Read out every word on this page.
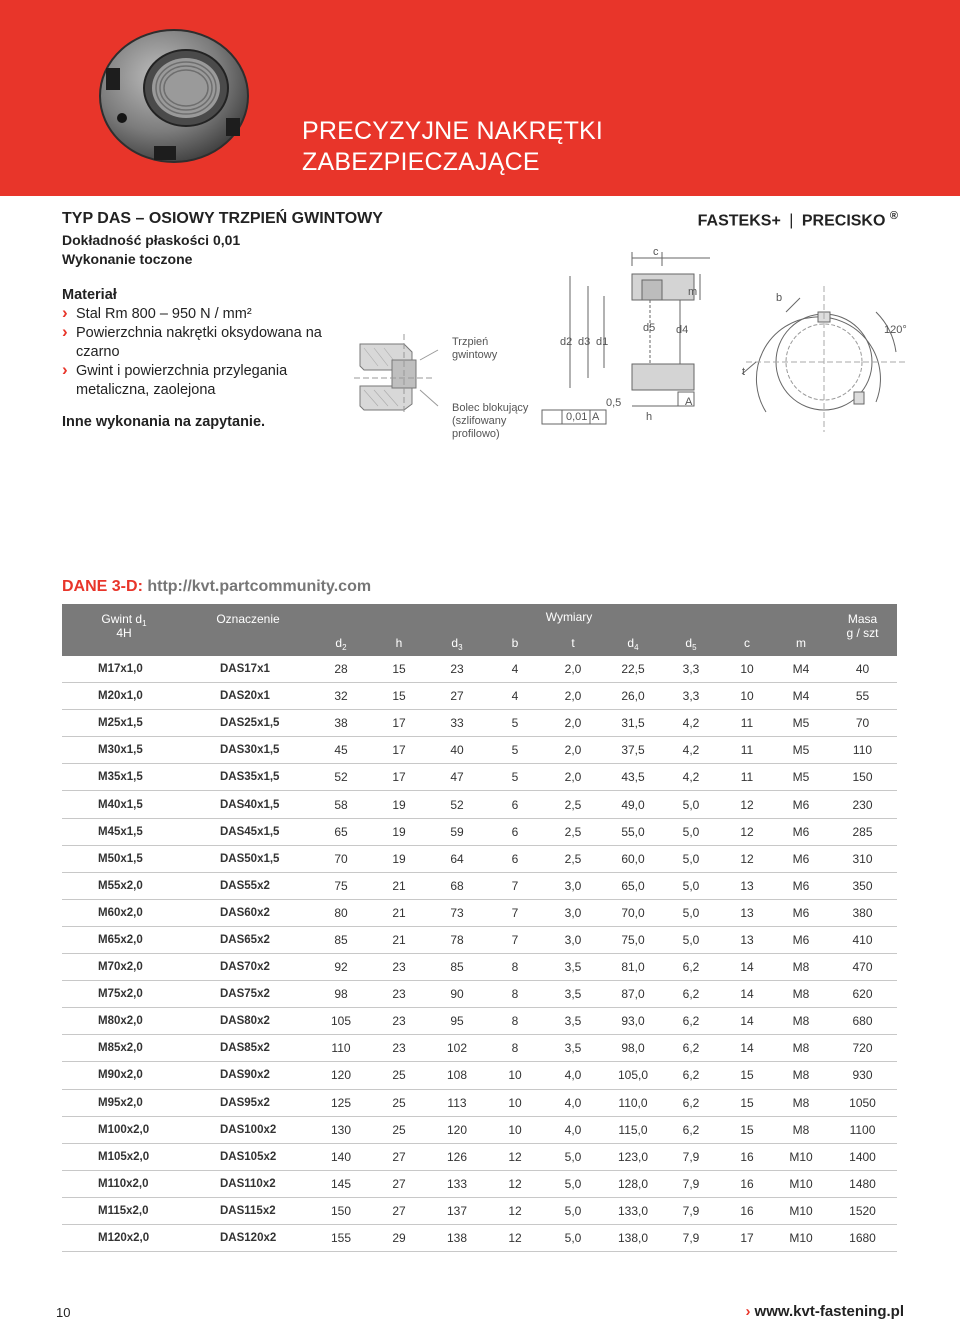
PRECYZYJNE NAKRĘTKI
ZABEZPIECZAJĄCE
TYP DAS – OSIOWY TRZPIEŃ GWINTOWY
Dokładność płaskości 0,01
Wykonanie toczone
FASTEKS+ | PRECISKO ®
Materiał
› Stal Rm 800 – 950 N / mm²
› Powierzchnia nakrętki oksydowana na czarno
› Gwint i powierzchnia przylegania metaliczna, zaolejona
Inne wykonania na zapytanie.
Trzpień gwintowy
Bolec blokujący (szlifowany profilowo)
c
m
d2 d3 d1
d5 d4
0,01 A
0,5
h
A
b
t
120°
DANE 3-D: http://kvt.partcommunity.com
Gwint $d_1$
4H	Oznaczenie	Wymiary									Masa
g / szt
		$d_2$	h	$d_3$	b	t	$d_4$	$d_5$	c	m	
M17x1,0	DAS17x1	28	15	23	4	2,0	22,5	3,3	10	M4	40
M20x1,0	DAS20x1	32	15	27	4	2,0	26,0	3,3	10	M4	55
M25x1,5	DAS25x1,5	38	17	33	5	2,0	31,5	4,2	11	M5	70
M30x1,5	DAS30x1,5	45	17	40	5	2,0	37,5	4,2	11	M5	110
M35x1,5	DAS35x1,5	52	17	47	5	2,0	43,5	4,2	11	M5	150
M40x1,5	DAS40x1,5	58	19	52	6	2,5	49,0	5,0	12	M6	230
M45x1,5	DAS45x1,5	65	19	59	6	2,5	55,0	5,0	12	M6	285
M50x1,5	DAS50x1,5	70	19	64	6	2,5	60,0	5,0	12	M6	310
M55x2,0	DAS55x2	75	21	68	7	3,0	65,0	5,0	13	M6	350
M60x2,0	DAS60x2	80	21	73	7	3,0	70,0	5,0	13	M6	380
M65x2,0	DAS65x2	85	21	78	7	3,0	75,0	5,0	13	M6	410
M70x2,0	DAS70x2	92	23	85	8	3,5	81,0	6,2	14	M8	470
M75x2,0	DAS75x2	98	23	90	8	3,5	87,0	6,2	14	M8	620
M80x2,0	DAS80x2	105	23	95	8	3,5	93,0	6,2	14	M8	680
M85x2,0	DAS85x2	110	23	102	8	3,5	98,0	6,2	14	M8	720
M90x2,0	DAS90x2	120	25	108	10	4,0	105,0	6,2	15	M8	930
M95x2,0	DAS95x2	125	25	113	10	4,0	110,0	6,2	15	M8	1050
M100x2,0	DAS100x2	130	25	120	10	4,0	115,0	6,2	15	M8	1100
M105x2,0	DAS105x2	140	27	126	12	5,0	123,0	7,9	16	M10	1400
M110x2,0	DAS110x2	145	27	133	12	5,0	128,0	7,9	16	M10	1480
M115x2,0	DAS115x2	150	27	137	12	5,0	133,0	7,9	16	M10	1520
M120x2,0	DAS120x2	155	29	138	12	5,0	138,0	7,9	17	M10	1680
10	› www.kvt-fastening.pl
